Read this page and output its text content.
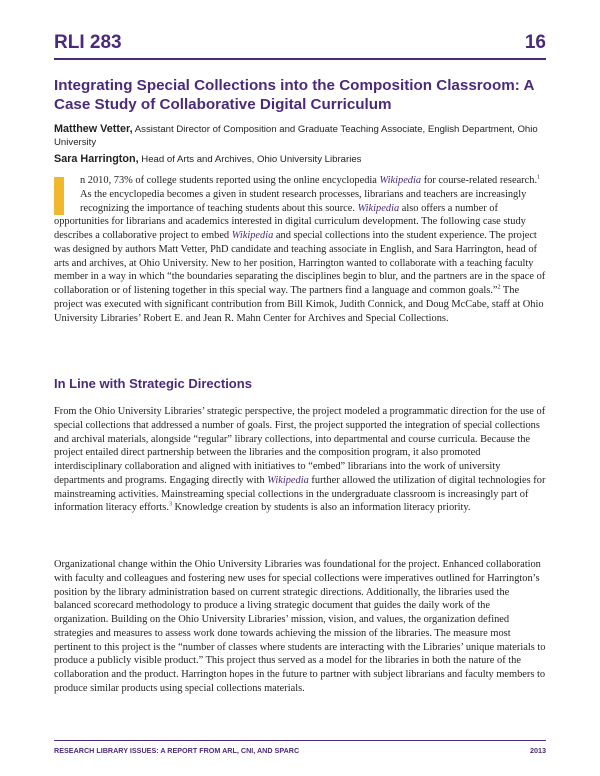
RLI 283	16
Integrating Special Collections into the Composition Classroom: A Case Study of Collaborative Digital Curriculum

Matthew Vetter, Assistant Director of Composition and Graduate Teaching Associate, English Department, Ohio University

Sara Harrington, Head of Arts and Archives, Ohio University Libraries

n 2010, 73% of college students reported using the online encyclopedia Wikipedia for course-related research.$^1$ As the encyclopedia becomes a given in student research processes, librarians and teachers are increasingly recognizing the importance of teaching students about this source. Wikipedia also offers a number of opportunities for librarians and academics interested in digital curriculum development. The following case study describes a collaborative project to embed Wikipedia and special collections into the student experience. The project was designed by authors Matt Vetter, PhD candidate and teaching associate in English, and Sara Harrington, head of arts and archives, at Ohio University. New to her position, Harrington wanted to collaborate with a teaching faculty member in a way in which “the boundaries separating the disciplines begin to blur, and the partners are in the space of collaboration or of listening together in this special way. The partners find a language and common goals.”$^2$ The project was executed with significant contribution from Bill Kimok, Judith Connick, and Doug McCabe, staff at Ohio University Libraries’ Robert E. and Jean R. Mahn Center for Archives and Special Collections.

In Line with Strategic Directions

From the Ohio University Libraries’ strategic perspective, the project modeled a programmatic direction for the use of special collections that addressed a number of goals. First, the project supported the integration of special collections and archival materials, alongside “regular” library collections, into departmental and course curricula. Because the project entailed direct partnership between the libraries and the composition program, it also promoted interdisciplinary collaboration and aligned with initiatives to “embed” librarians into the work of university departments and programs. Engaging directly with Wikipedia further allowed the utilization of digital technologies for mainstreaming activities. Mainstreaming special collections in the undergraduate classroom is increasingly part of information literacy efforts.$^3$ Knowledge creation by students is also an information literacy priority.

Organizational change within the Ohio University Libraries was foundational for the project. Enhanced collaboration with faculty and colleagues and fostering new uses for special collections were imperatives outlined for Harrington’s position by the library administration based on current strategic directions. Additionally, the libraries used the balanced scorecard methodology to produce a living strategic document that guides the daily work of the organization. Building on the Ohio University Libraries’ mission, vision, and values, the organization defined strategies and measures to assess work done towards achieving the mission of the libraries. The measure most pertinent to this project is the “number of classes where students are interacting with the Libraries’ unique materials to produce a publicly visible product.” This project thus served as a model for the libraries in both the nature of the collaboration and the product. Harrington hopes in the future to partner with subject librarians and faculty members to produce similar products using special collections materials.

RESEARCH LIBRARY ISSUES: A REPORT FROM ARL, CNI, AND SPARC	2013
